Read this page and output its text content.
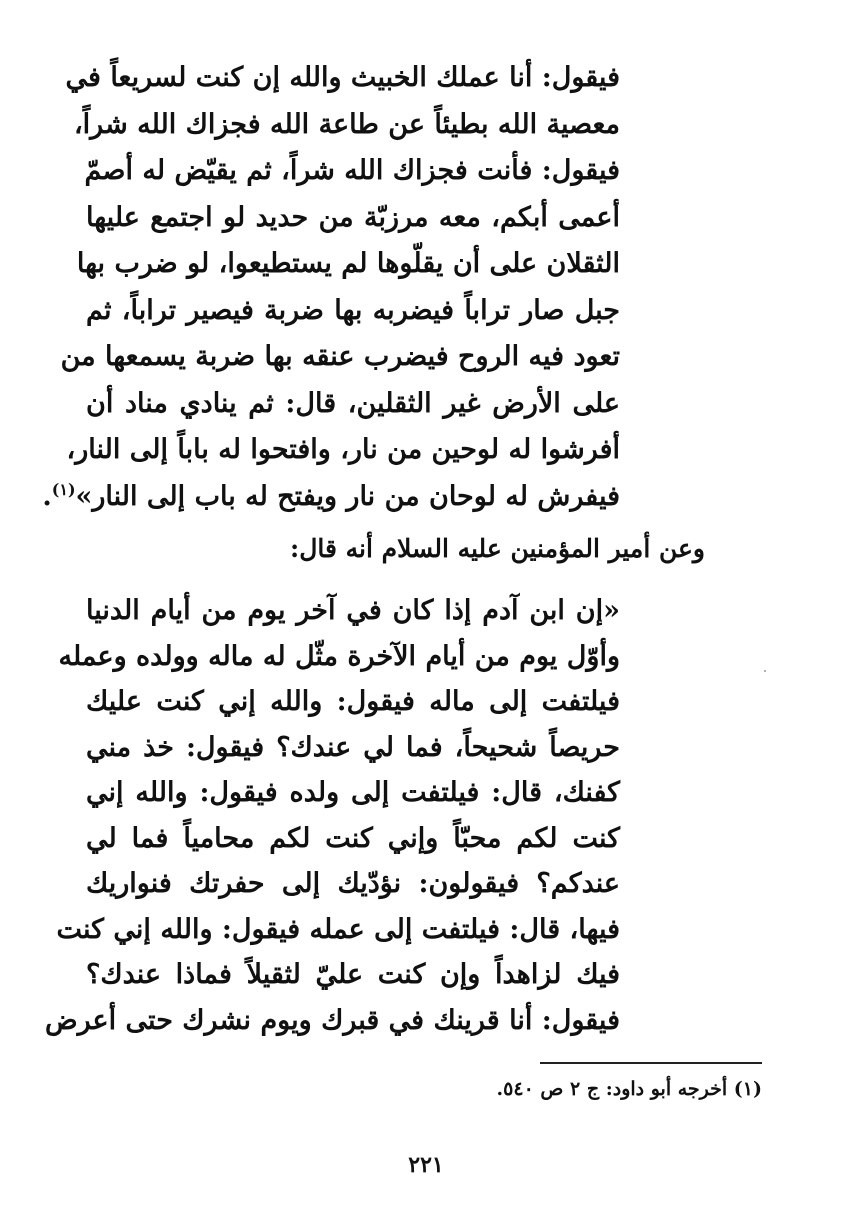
فيقول: أنا عملك الخبيث والله إن كنت لسريعاً في
معصية الله بطيئاً عن طاعة الله فجزاك الله شراً،
فيقول: فأنت فجزاك الله شراً، ثم يقيّض له أصمّ
أعمى أبكم، معه مرزبّة من حديد لو اجتمع عليها
الثقلان على أن يقلّوها لم يستطيعوا، لو ضرب بها
جبل صار تراباً فيضربه بها ضربة فيصير تراباً، ثم
تعود فيه الروح فيضرب عنقه بها ضربة يسمعها من
على الأرض غير الثقلين، قال: ثم ينادي مناد أن
أفرشوا له لوحين من نار، وافتحوا له باباً إلى النار،
فيفرش له لوحان من نار ويفتح له باب إلى النار»$^{(١)}$.
وعن أمير المؤمنين عليه السلام أنه قال:
«إن ابن آدم إذا كان في آخر يوم من أيام الدنيا
وأوّل يوم من أيام الآخرة مثّل له ماله وولده وعمله
فيلتفت إلى ماله فيقول: والله إني كنت عليك
حريصاً شحيحاً، فما لي عندك؟ فيقول: خذ مني
كفنك، قال: فيلتفت إلى ولده فيقول: والله إني
كنت لكم محبّاً وإني كنت لكم محامياً فما لي
عندكم؟ فيقولون: نؤدّيك إلى حفرتك فنواريك
فيها، قال: فيلتفت إلى عمله فيقول: والله إني كنت
فيك لزاهداً وإن كنت عليّ لثقيلاً فماذا عندك؟
فيقول: أنا قرينك في قبرك ويوم نشرك حتى أعرض
(١) أخرجه أبو داود: ج ٢ ص ٥٤٠.
٢٢١
